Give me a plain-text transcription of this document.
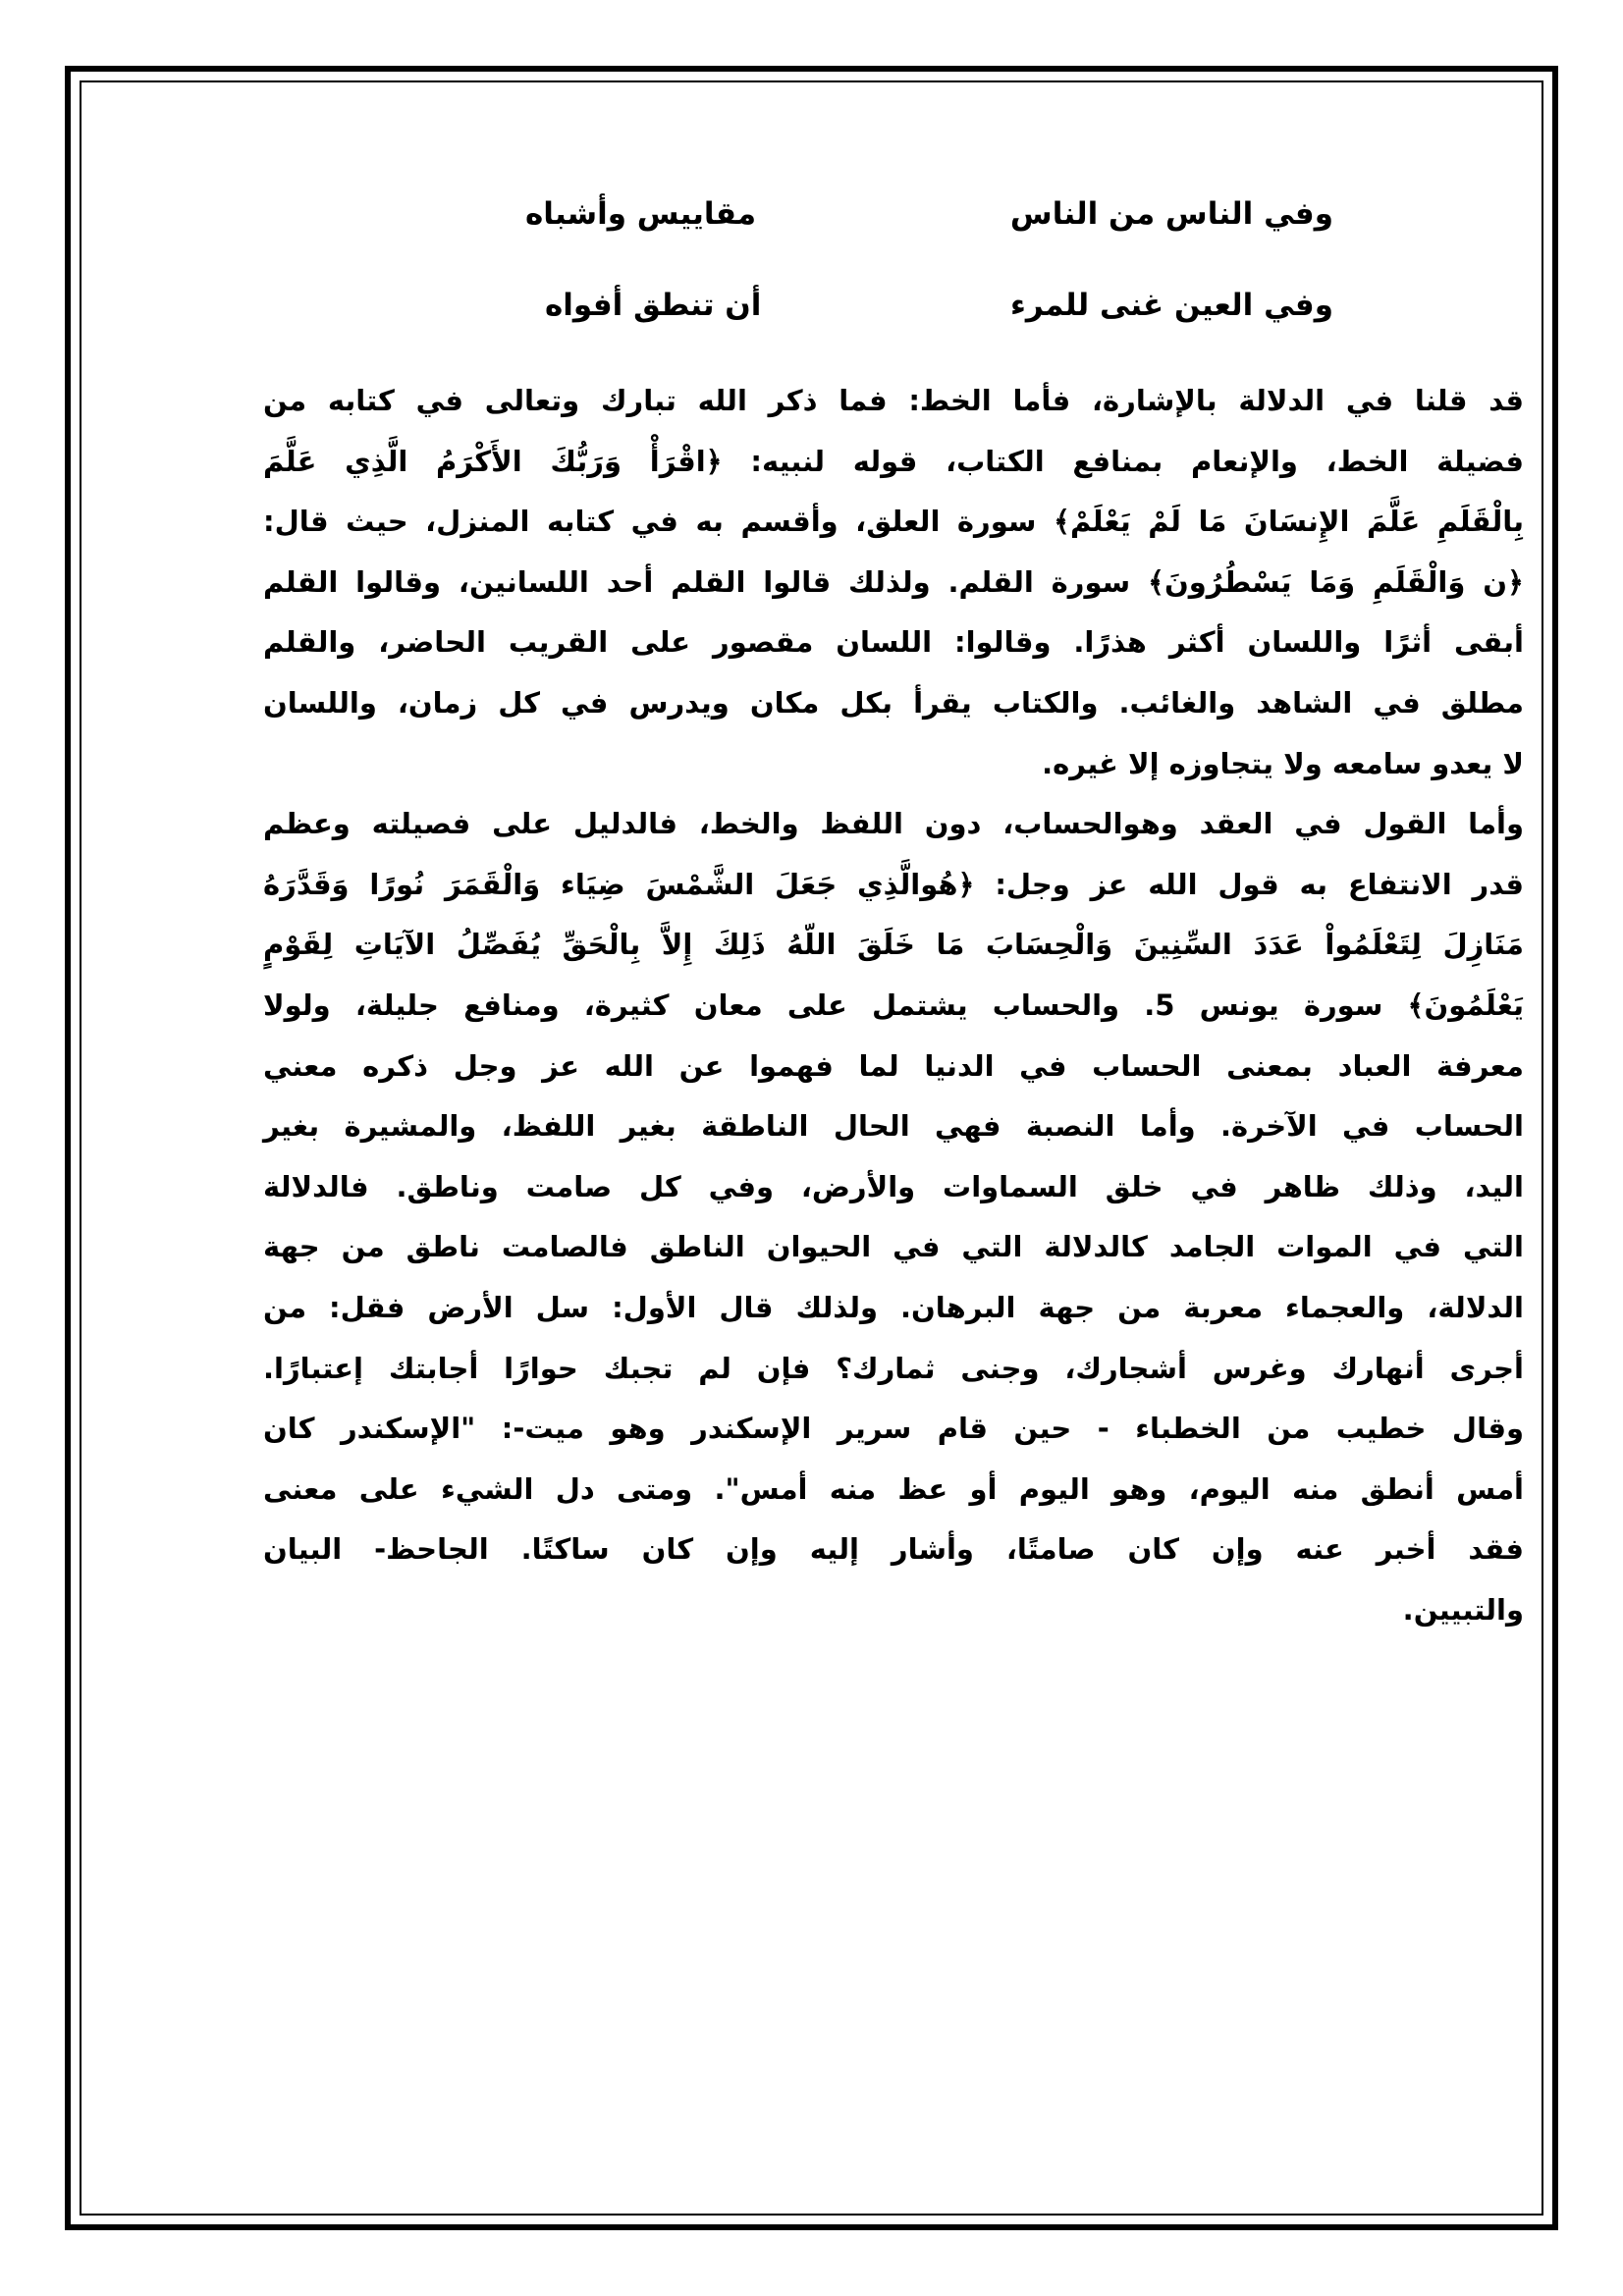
وفي الناس من الناس
مقاييس وأشباه
وفي العين غنى للمرء
أن تنطق أفواه
قد قلنا في الدلالة بالإشارة، فأما الخط: فما ذكر الله تبارك وتعالى في كتابه من
فضيلة الخط، والإنعام بمنافع الكتاب، قوله لنبيه: ﴿اقْرَأْ وَرَبُّكَ الأَكْرَمُ الَّذِي عَلَّمَ
بِالْقَلَمِ عَلَّمَ الإِنسَانَ مَا لَمْ يَعْلَمْ﴾ سورة العلق، وأقسم به في كتابه المنزل، حيث قال:
﴿ن وَالْقَلَمِ وَمَا يَسْطُرُونَ﴾ سورة القلم. ولذلك قالوا القلم أحد اللسانين، وقالوا القلم
أبقى أثرًا واللسان أكثر هذرًا. وقالوا: اللسان مقصور على القريب الحاضر، والقلم
مطلق في الشاهد والغائب. والكتاب يقرأ بكل مكان ويدرس في كل زمان، واللسان
لا يعدو سامعه ولا يتجاوزه إلا غيره.
وأما القول في العقد وهوالحساب، دون اللفظ والخط، فالدليل على فصيلته وعظم
قدر الانتفاع به قول الله عز وجل: ﴿هُوالَّذِي جَعَلَ الشَّمْسَ ضِيَاء وَالْقَمَرَ نُورًا وَقَدَّرَهُ
مَنَازِلَ لِتَعْلَمُواْ عَدَدَ السِّنِينَ وَالْحِسَابَ مَا خَلَقَ اللّهُ ذَلِكَ إِلاَّ بِالْحَقِّ يُفَصِّلُ الآيَاتِ لِقَوْمٍ
يَعْلَمُونَ﴾ سورة يونس 5. والحساب يشتمل على معان كثيرة، ومنافع جليلة، ولولا
معرفة العباد بمعنى الحساب في الدنيا لما فهموا عن الله عز وجل ذكره معني
الحساب في الآخرة. وأما النصبة فهي الحال الناطقة بغير اللفظ، والمشيرة بغير
اليد، وذلك ظاهر في خلق السماوات والأرض، وفي كل صامت وناطق. فالدلالة
التي في الموات الجامد كالدلالة التي في الحيوان الناطق فالصامت ناطق من جهة
الدلالة، والعجماء معربة من جهة البرهان. ولذلك قال الأول: سل الأرض فقل: من
أجرى أنهارك وغرس أشجارك، وجنى ثمارك؟ فإن لم تجبك حوارًا أجابتك إعتبارًا.
وقال خطيب من الخطباء - حين قام سرير الإسكندر وهو ميت-: "الإسكندر كان
أمس أنطق منه اليوم، وهو اليوم أو عظ منه أمس". ومتى دل الشيء على معنى
فقد أخبر عنه وإن كان صامتًا، وأشار إليه وإن كان ساكتًا. الجاحظ- البيان
والتبيين.
